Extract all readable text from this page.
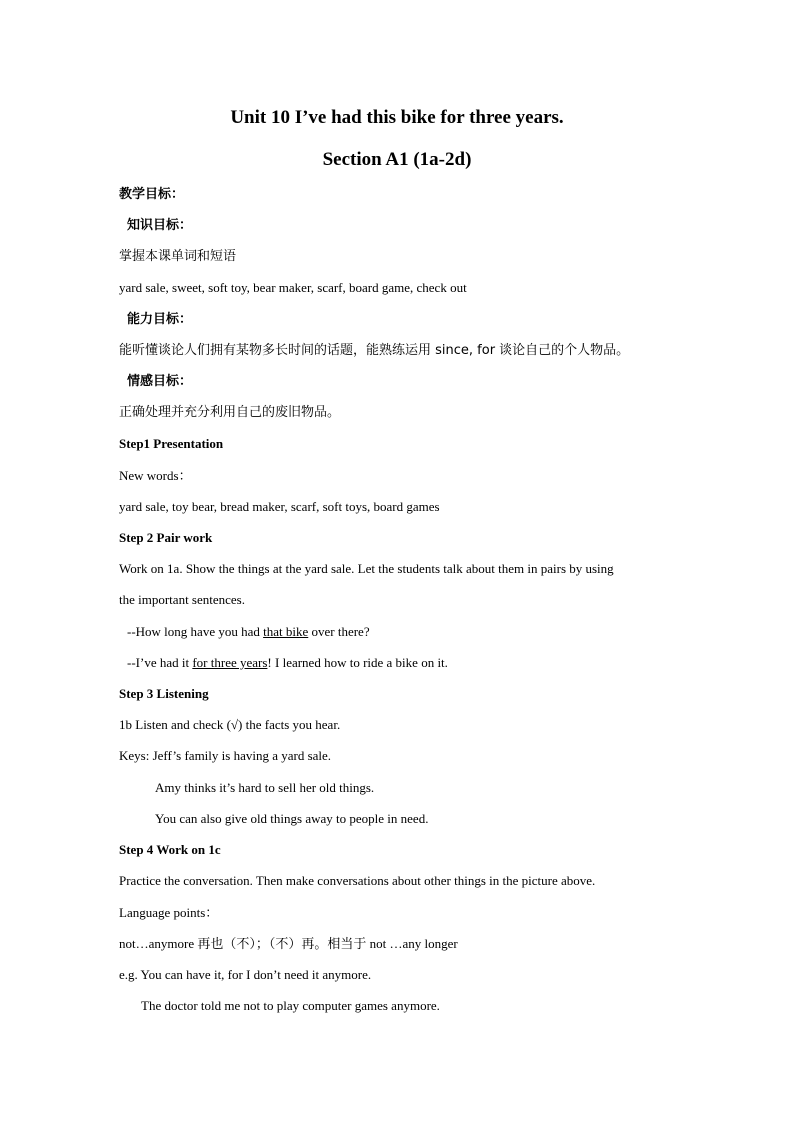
Unit 10 I’ve had this bike for three years.
Section A1 (1a-2d)
教学目标：
知识目标：
掌握本课单词和短语
yard sale, sweet, soft toy, bear maker, scarf, board game, check out
能力目标：
能听懂谈论人们拥有某物多长时间的话题，能熟练运用 since, for 谈论自己的个人物品。
情感目标：
正确处理并充分利用自己的废旧物品。
Step1 Presentation
New words：
yard sale, toy bear, bread maker, scarf, soft toys, board games
Step 2 Pair work
Work on 1a. Show the things at the yard sale. Let the students talk about them in pairs by using
the important sentences.
--How long have you had that bike over there?
--I’ve had it for three years! I learned how to ride a bike on it.
Step 3 Listening
1b Listen and check (√) the facts you hear.
Keys: Jeff’s family is having a yard sale.
Amy thinks it’s hard to sell her old things.
You can also give old things away to people in need.
Step 4 Work on 1c
Practice the conversation. Then make conversations about other things in the picture above.
Language points：
not…anymore 再也（不）；（不）再。相当于 not …any longer
e.g. You can have it, for I don’t need it anymore.
The doctor told me not to play computer games anymore.
